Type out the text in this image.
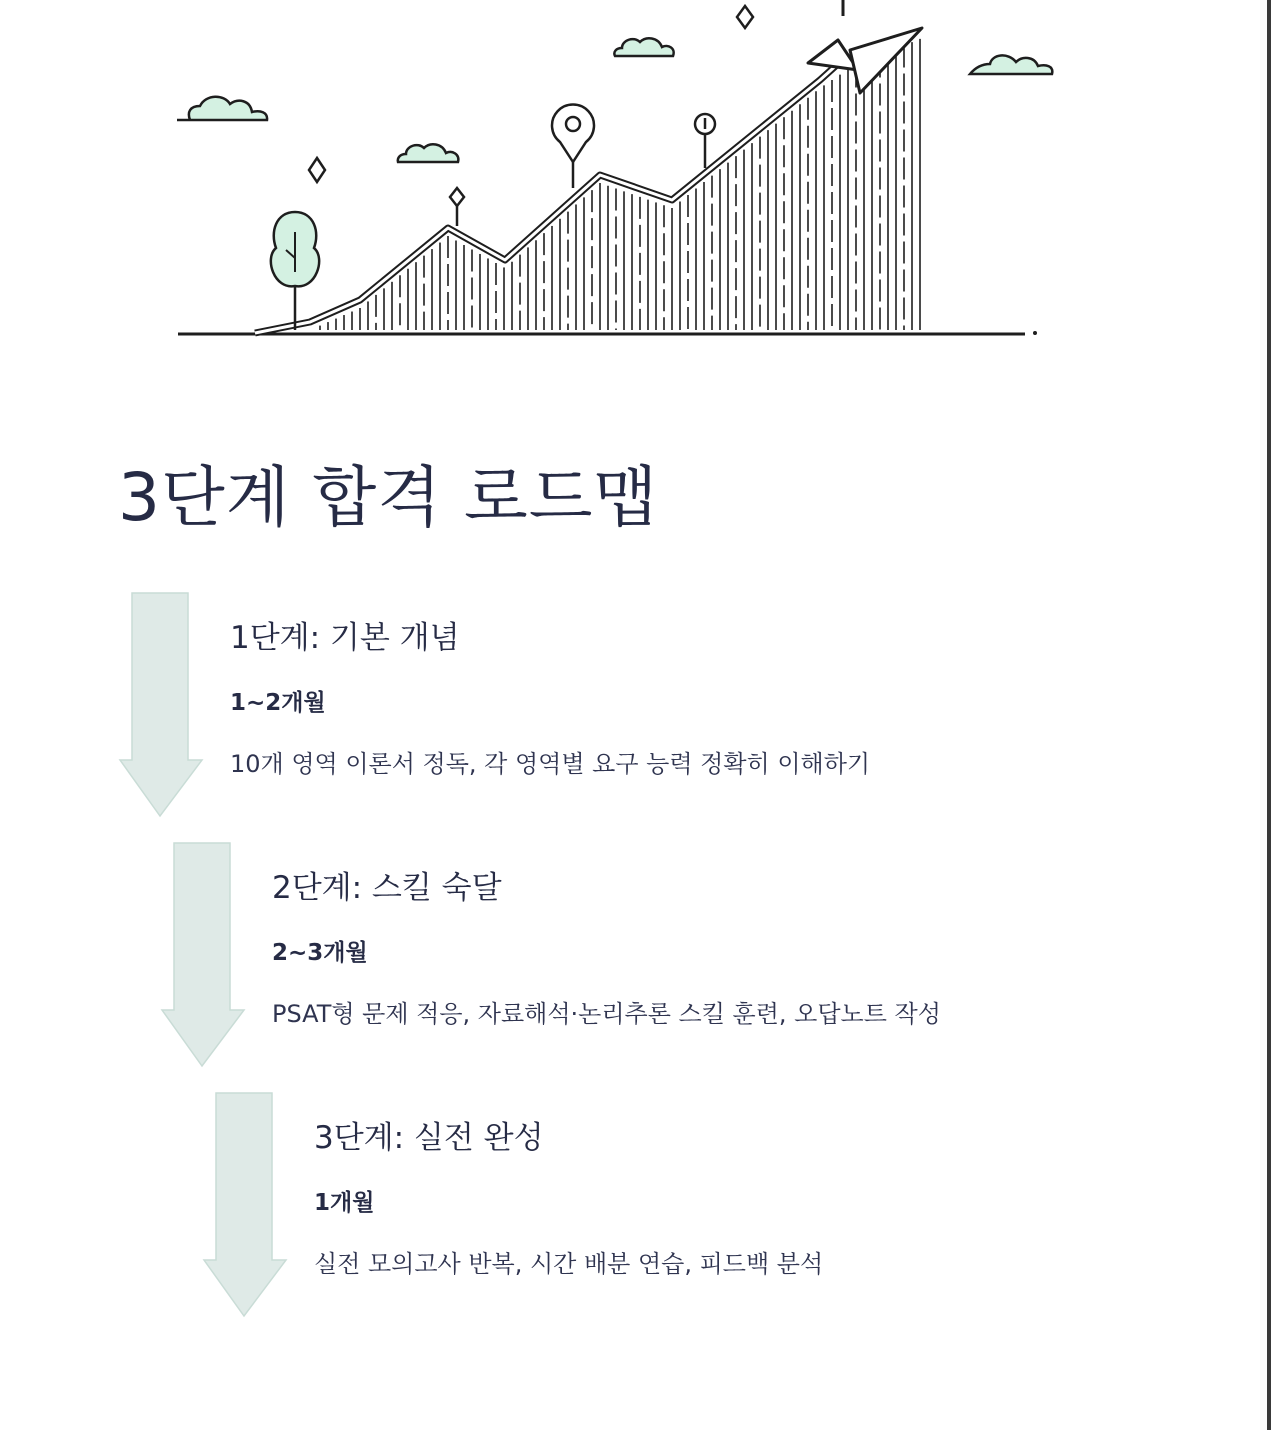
3단계 합격 로드맵
1단계: 기본 개념
1~2개월
10개 영역 이론서 정독, 각 영역별 요구 능력 정확히 이해하기
2단계: 스킬 숙달
2~3개월
PSAT형 문제 적응, 자료해석·논리추론 스킬 훈련, 오답노트 작성
3단계: 실전 완성
1개월
실전 모의고사 반복, 시간 배분 연습, 피드백 분석
